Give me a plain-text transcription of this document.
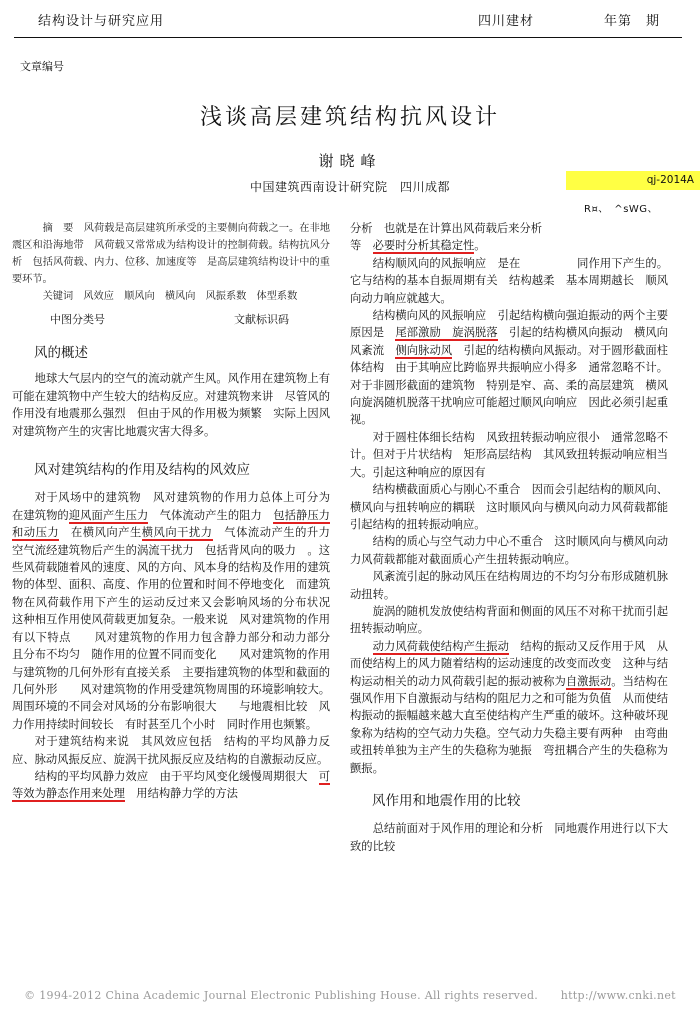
结构设计与研究应用	四川建材	年第　期
文章编号
浅谈高层建筑结构抗风设计
谢晓峰
中国建筑西南设计研究院　四川成都

摘　要　 风荷载是高层建筑所承受的主要侧向荷载之一。在非地震区和沿海地带　风荷载又常常成为结构设计的控制荷载。结构抗风分析　包括风荷载、内力、位移、加速度等　是高层建筑结构设计中的重要环节。

关键词　 风效应　顺风向　横风向　风振系数　体型系数

中图分类号	文献标识码
风的概述

地球大气层内的空气的流动就产生风。风作用在建筑物上有可能在建筑物中产生较大的结构反应。对建筑物来讲　尽管风的作用没有地震那么强烈　但由于风的作用极为频繁　实际上因风对建筑物产生的灾害比地震灾害大得多。

风对建筑结构的作用及结构的风效应

对于风场中的建筑物　风对建筑物的作用力总体上可分为　在建筑物的迎风面产生压力　气体流动产生的阻力　包括静压力和动压力　在横风向产生横风向干扰力　气体流动产生的升力　空气流经建筑物后产生的涡流干扰力　包括背风向的吸力　。这些风荷载随着风的速度、风的方向、风本身的结构及作用的建筑物的体型、面积、高度、作用的位置和时间不停地变化　而建筑物在风荷载作用下产生的运动反过来又会影响风场的分布状况　这种相互作用使风荷载更加复杂。一般来说　风对建筑物的作用有以下特点　　风对建筑物的作用力包含静力部分和动力部分　且分布不均匀　随作用的位置不同而变化　　风对建筑物的作用与建筑物的几何外形有直接关系　主要指建筑物的体型和截面的几何外形　　风对建筑物的作用受建筑物周围的环境影响较大。周围环境的不同会对风场的分布影响很大　　与地震相比较　风力作用持续时间较长　有时甚至几个小时　同时作用也频繁。

对于建筑结构来说　其风效应包括　结构的平均风静力反应、脉动风振反应、旋涡干扰风振反应及结构的自激振动反应。

结构的平均风静力效应　由于平均风变化缓慢周期很大　可等效为静态作用来处理　用结构静力学的方法

分析　也就是在计算出风荷载后来分析　　

等　必要时分析其稳定性。

结构顺风向的风振响应　是在　　　　　同作用下产生的。它与结构的基本自振周期有关　结构越柔　基本周期越长　顺风向动力响应就越大。

结构横向风的风振响应　引起结构横向强迫振动的两个主要原因是　尾部激励　旋涡脱落　引起的结构横风向振动　横风向风紊流　侧向脉动风　引起的结构横向风振动。对于圆形截面柱体结构　由于其响应比跨临界共振响应小得多　通常忽略不计。对于非圆形截面的建筑物　特别是窄、高、柔的高层建筑　横风向旋涡随机脱落干扰响应可能超过顺风向响应　因此必须引起重视。

对于圆柱体细长结构　风致扭转振动响应很小　通常忽略不计。但对于片状结构　矩形高层结构　其风致扭转振动响应相当大。引起这种响应的原因有

结构横截面质心与刚心不重合　因而会引起结构的顺风向、横风向与扭转响应的耦联　这时顺风向与横风向动力风荷载都能引起结构的扭转振动响应。

结构的质心与空气动力中心不重合　这时顺风向与横风向动力风荷载都能对截面质心产生扭转振动响应。

风紊流引起的脉动风压在结构周边的不均匀分布形成随机脉动扭转。

旋涡的随机发放使结构背面和侧面的风压不对称干扰而引起扭转振动响应。

动力风荷载使结构产生振动　结构的振动又反作用于风　从而使结构上的风力随着结构的运动速度的改变而改变　这种与结构运动相关的动力风荷载引起的振动被称为自激振动。当结构在强风作用下自激振动与结构的阻尼力之和可能为负值　从而使结构振动的振幅越来越大直至使结构产生严重的破坏。这种破坏现象称为结构的空气动力失稳。空气动力失稳主要有两种　由弯曲或扭转单独为主产生的失稳称为驰振　弯扭耦合产生的失稳称为颤振。

风作用和地震作用的比较

总结前面对于风作用的理论和分析　同地震作用进行以下大致的比较

qj-2014A
R¤、　^sWG、
© 1994-2012 China Academic Journal Electronic Publishing House. All rights reserved.　　http://www.cnki.net
